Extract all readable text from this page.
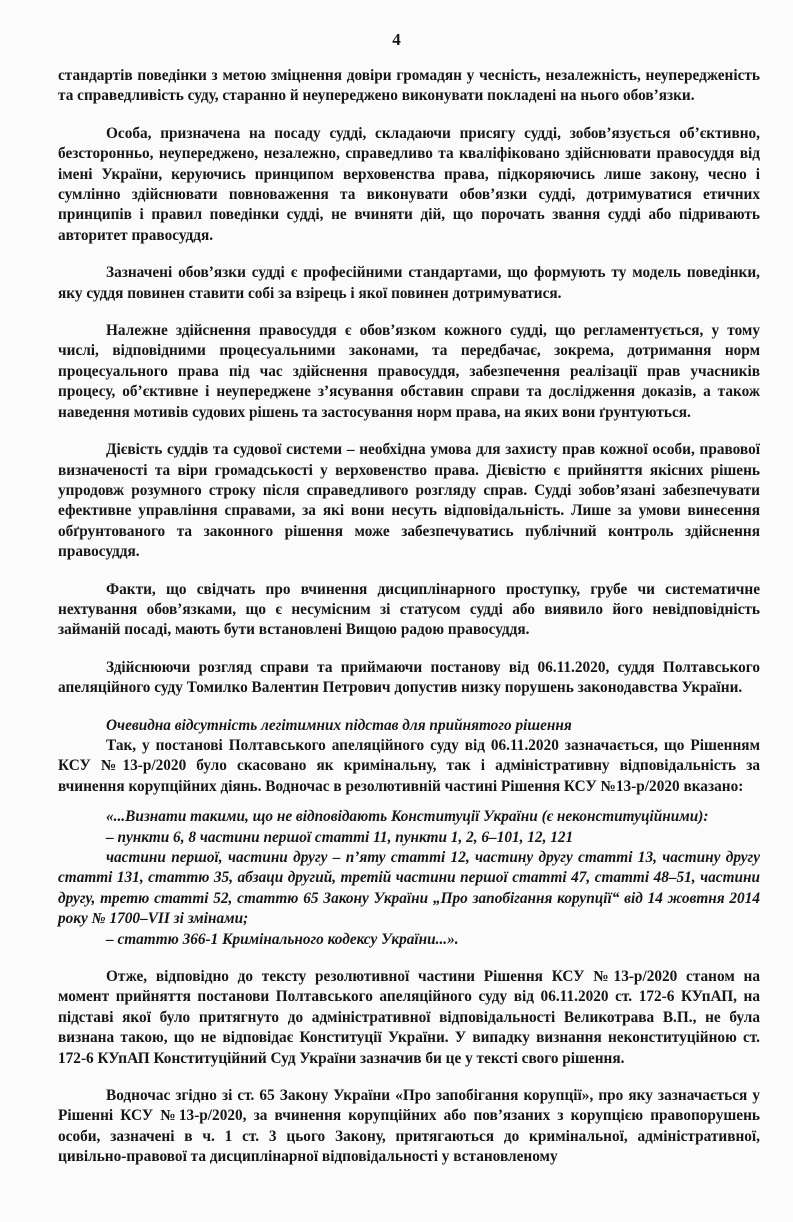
4

стандартів поведінки з метою зміцнення довіри громадян у чесність, незалежність, неупередженість та справедливість суду, старанно й неупереджено виконувати покладені на нього обов’язки.

Особа, призначена на посаду судді, складаючи присягу судді, зобов’язується об’єктивно, безсторонньо, неупереджено, незалежно, справедливо та кваліфіковано здійснювати правосуддя від імені України, керуючись принципом верховенства права, підкоряючись лише закону, чесно і сумлінно здійснювати повноваження та виконувати обов’язки судді, дотримуватися етичних принципів і правил поведінки судді, не вчиняти дій, що порочать звання судді або підривають авторитет правосуддя.

Зазначені обов’язки судді є професійними стандартами, що формують ту модель поведінки, яку суддя повинен ставити собі за взірець і якої повинен дотримуватися.

Належне здійснення правосуддя є обов’язком кожного судді, що регламентується, у тому числі, відповідними процесуальними законами, та передбачає, зокрема, дотримання норм процесуального права під час здійснення правосуддя, забезпечення реалізації прав учасників процесу, об’єктивне і неупереджене з’ясування обставин справи та дослідження доказів, а також наведення мотивів судових рішень та застосування норм права, на яких вони ґрунтуються.

Дієвість суддів та судової системи – необхідна умова для захисту прав кожної особи, правової визначеності та віри громадськості у верховенство права. Дієвістю є прийняття якісних рішень упродовж розумного строку після справедливого розгляду справ. Судді зобов’язані забезпечувати ефективне управління справами, за які вони несуть відповідальність. Лише за умови винесення обґрунтованого та законного рішення може забезпечуватись публічний контроль здійснення правосуддя.

Факти, що свідчать про вчинення дисциплінарного проступку, грубе чи систематичне нехтування обов’язками, що є несумісним зі статусом судді або виявило його невідповідність займаній посаді, мають бути встановлені Вищою радою правосуддя.

Здійснюючи розгляд справи та приймаючи постанову від 06.11.2020, суддя Полтавського апеляційного суду Томилко Валентин Петрович допустив низку порушень законодавства України.

Очевидна відсутність легітимних підстав для прийнятого рішення

Так, у постанові Полтавського апеляційного суду від 06.11.2020 зазначається, що Рішенням КСУ №13-р/2020 було скасовано як кримінальну, так і адміністративну відповідальність за вчинення корупційних діянь. Водночас в резолютивній частині Рішення КСУ №13-р/2020 вказано:

«...Визнати такими, що не відповідають Конституції України (є неконституційними):

– пункти 6, 8 частини першої статті 11, пункти 1, 2, 6–101, 12, 121

частини першої, частини другу – п’яту статті 12, частину другу статті 13, частину другу статті 131, статтю 35, абзаци другий, третій частини першої статті 47, статті 48–51, частини другу, третю статті 52, статтю 65 Закону України „Про запобігання корупції“ від 14 жовтня 2014 року № 1700–VII зі змінами;

– статтю 366-1 Кримінального кодексу України...».

Отже, відповідно до тексту резолютивної частини Рішення КСУ №13-р/2020 станом на момент прийняття постанови Полтавського апеляційного суду від 06.11.2020 ст. 172-6 КУпАП, на підставі якої було притягнуто до адміністративної відповідальності Великотрава В.П., не була визнана такою, що не відповідає Конституції України. У випадку визнання неконституційною ст. 172-6 КУпАП Конституційний Суд України зазначив би це у тексті свого рішення.

Водночас згідно зі ст. 65 Закону України «Про запобігання корупції», про яку зазначається у Рішенні КСУ №13-р/2020, за вчинення корупційних або пов’язаних з корупцією правопорушень особи, зазначені в ч. 1 ст. 3 цього Закону, притягаються до кримінальної, адміністративної, цивільно-правової та дисциплінарної відповідальності у встановленому
